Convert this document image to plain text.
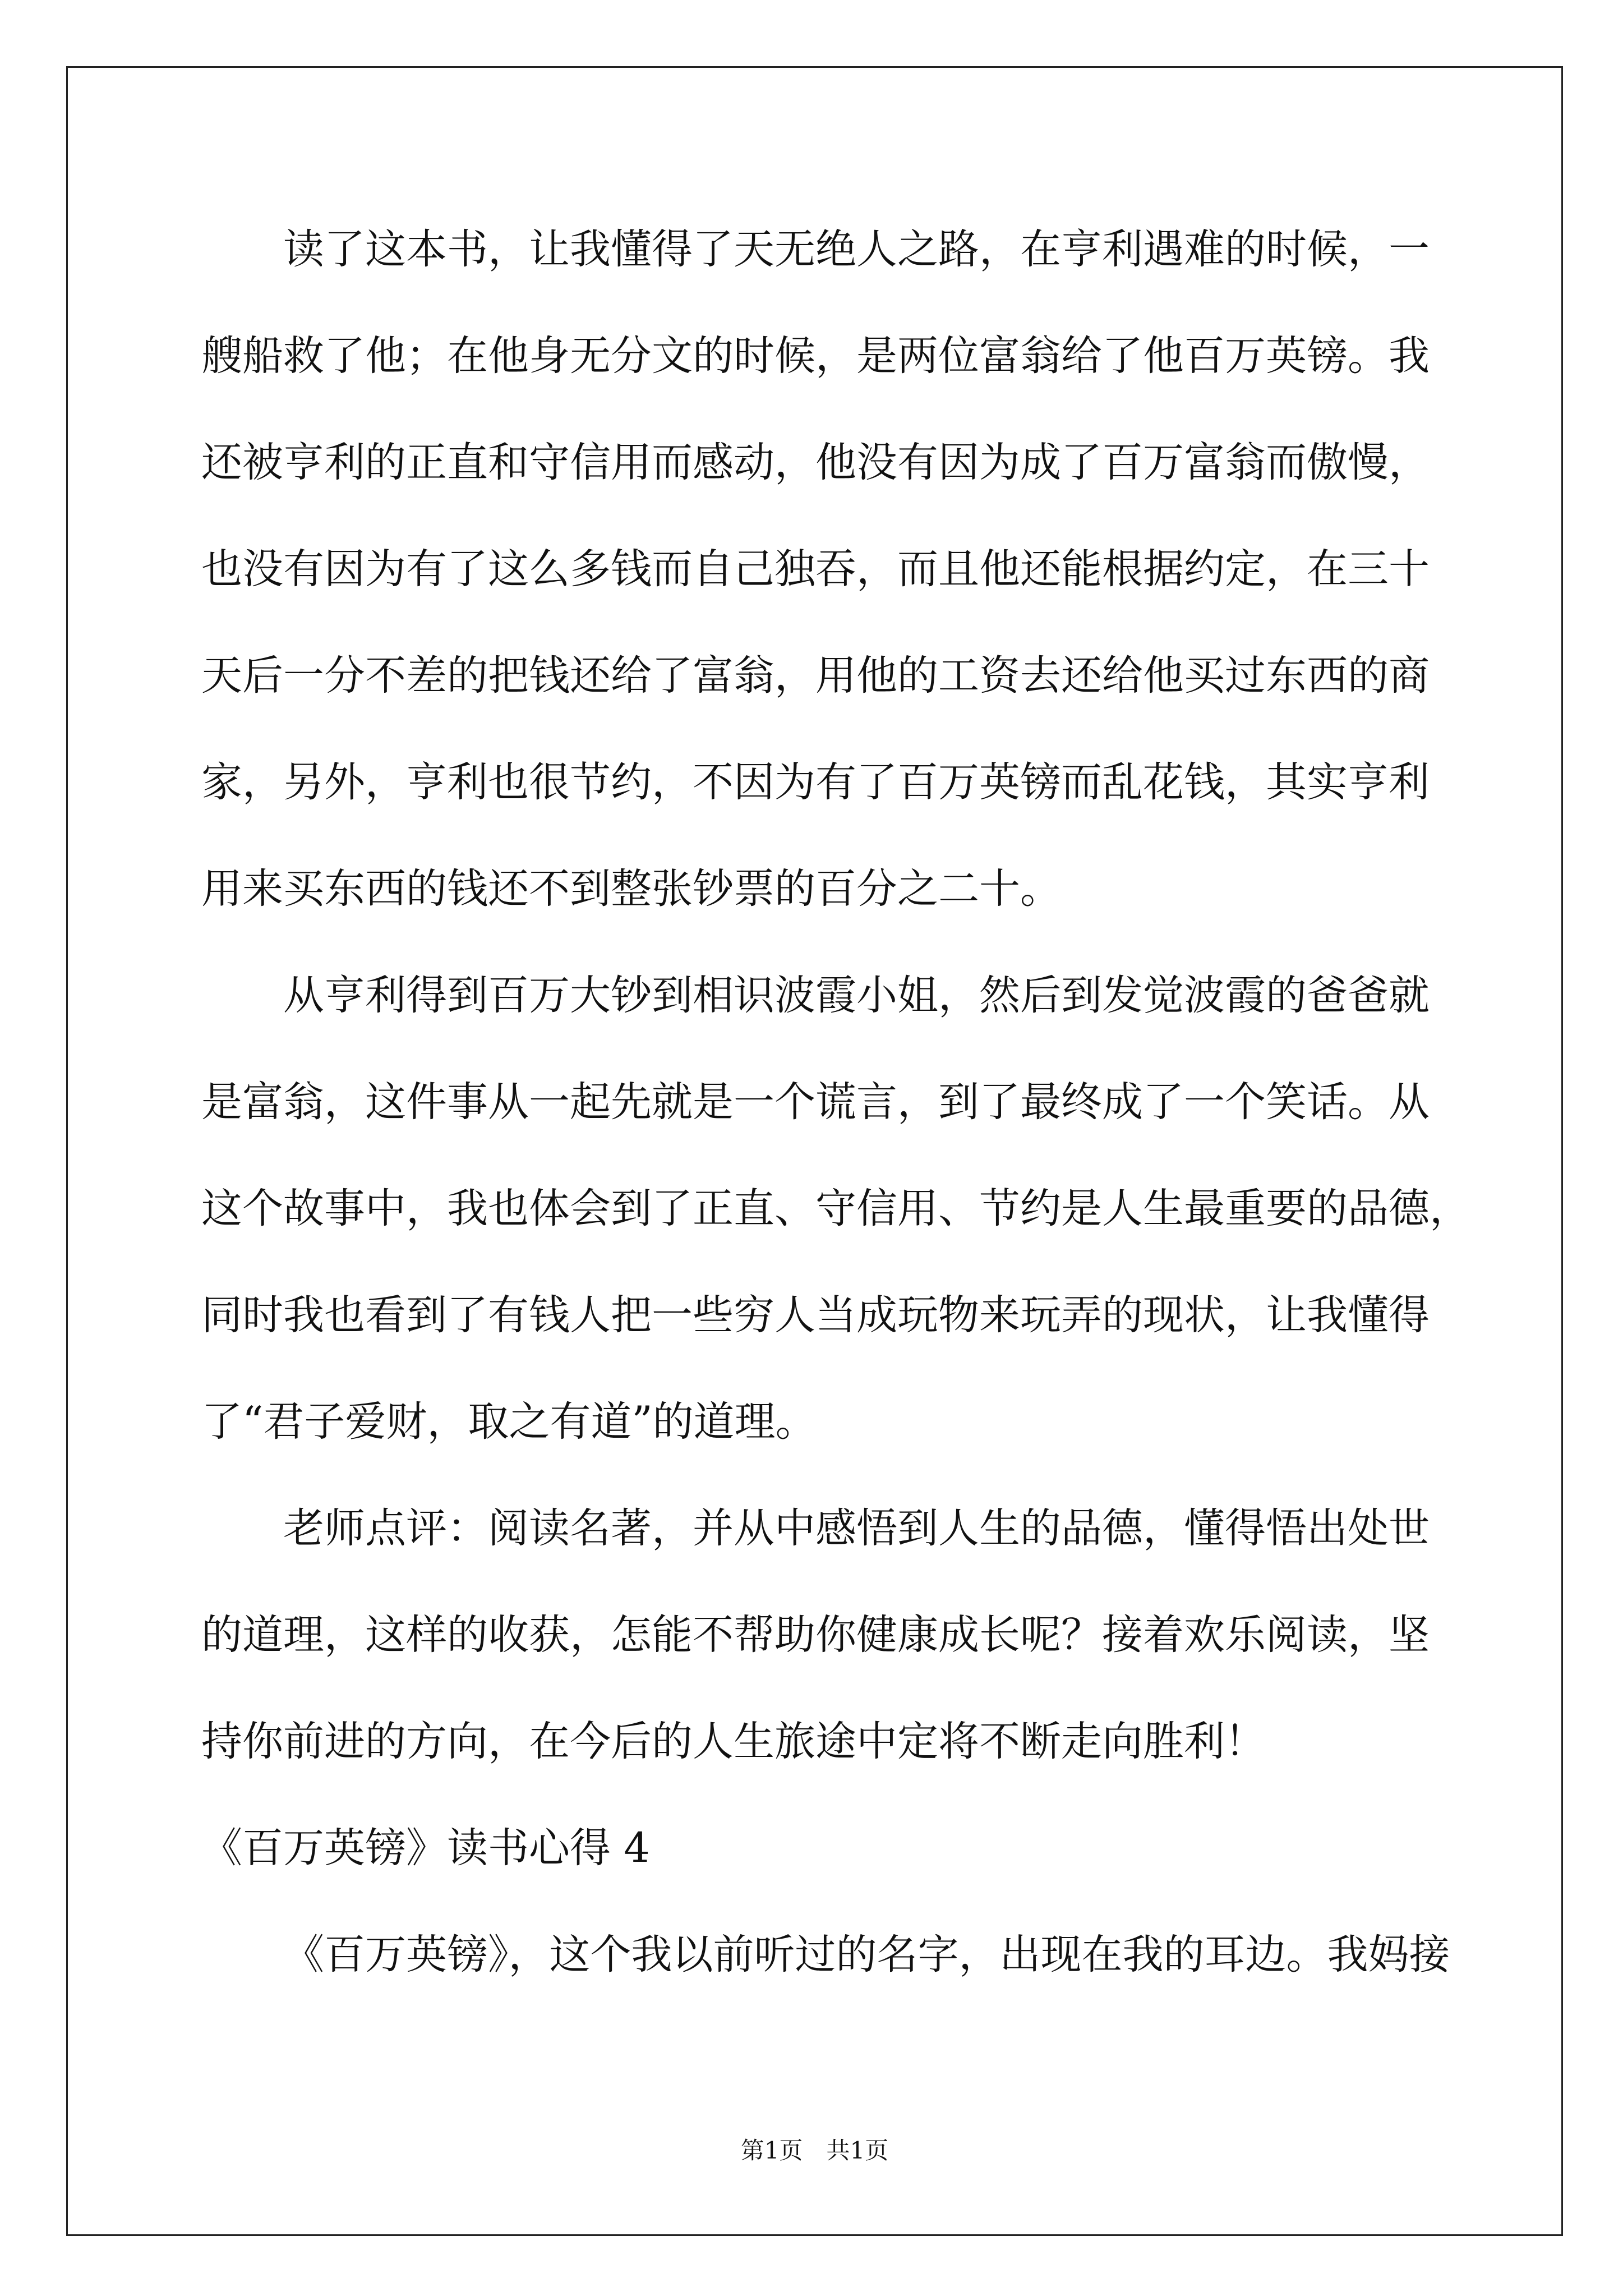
读了这本书，让我懂得了天无绝人之路，在亨利遇难的时候，一
艘船救了他；在他身无分文的时候，是两位富翁给了他百万英镑。我
还被亨利的正直和守信用而感动，他没有因为成了百万富翁而傲慢，
也没有因为有了这么多钱而自己独吞，而且他还能根据约定，在三十
天后一分不差的把钱还给了富翁，用他的工资去还给他买过东西的商
家，另外，亨利也很节约，不因为有了百万英镑而乱花钱，其实亨利
用来买东西的钱还不到整张钞票的百分之二十。
从亨利得到百万大钞到相识波霞小姐，然后到发觉波霞的爸爸就
是富翁，这件事从一起先就是一个谎言，到了最终成了一个笑话。从
这个故事中，我也体会到了正直、守信用、节约是人生最重要的品德，
同时我也看到了有钱人把一些穷人当成玩物来玩弄的现状，让我懂得
了“君子爱财，取之有道”的道理。
老师点评：阅读名著，并从中感悟到人生的品德，懂得悟出处世
的道理，这样的收获，怎能不帮助你健康成长呢？接着欢乐阅读，坚
持你前进的方向，在今后的人生旅途中定将不断走向胜利！
《百万英镑》读书心得 4
《百万英镑》，这个我以前听过的名字，出现在我的耳边。我妈接
第1页　共1页
